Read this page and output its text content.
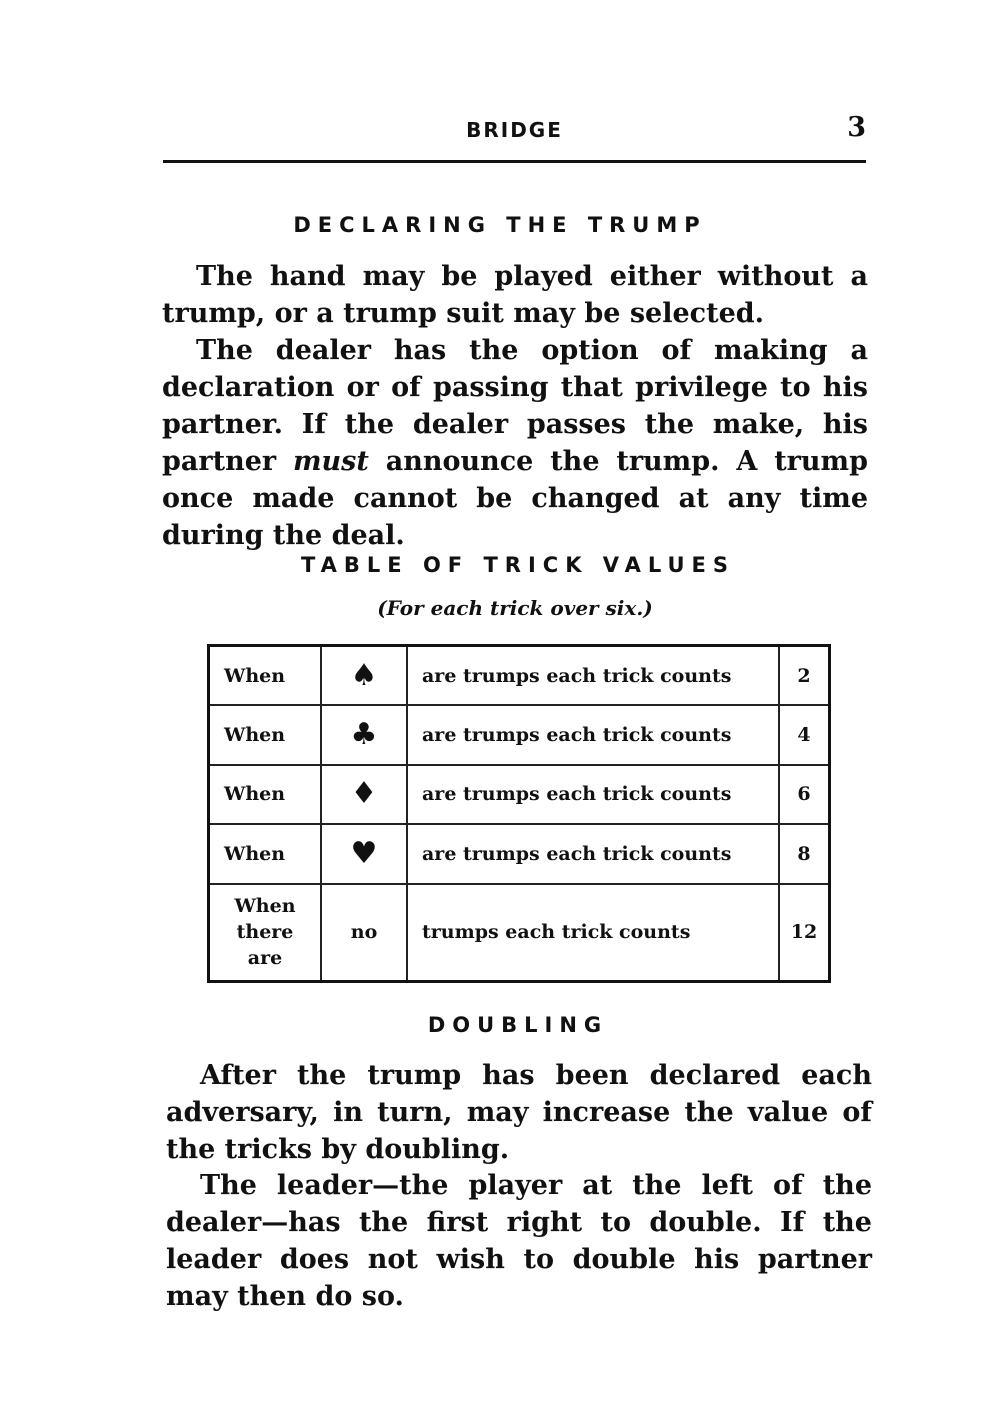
BRIDGE	3
DECLARING THE TRUMP

The hand may be played either without a trump, or a trump suit may be selected.

The dealer has the option of making a declaration or of passing that privilege to his partner. If the dealer passes the make, his partner must announce the trump. A trump once made cannot be changed at any time during the deal.

TABLE OF TRICK VALUES
(For each trick over six.)
When	♠	are trumps each trick counts	2
When	♣	are trumps each trick counts	4
When	♦	are trumps each trick counts	6
When	♥	are trumps each trick counts	8

When
there
are	no	trumps each trick counts	12
DOUBLING

After the trump has been declared each adversary, in turn, may increase the value of the tricks by doubling.

The leader—the player at the left of the dealer—has the first right to double. If the leader does not wish to double his partner may then do so.
